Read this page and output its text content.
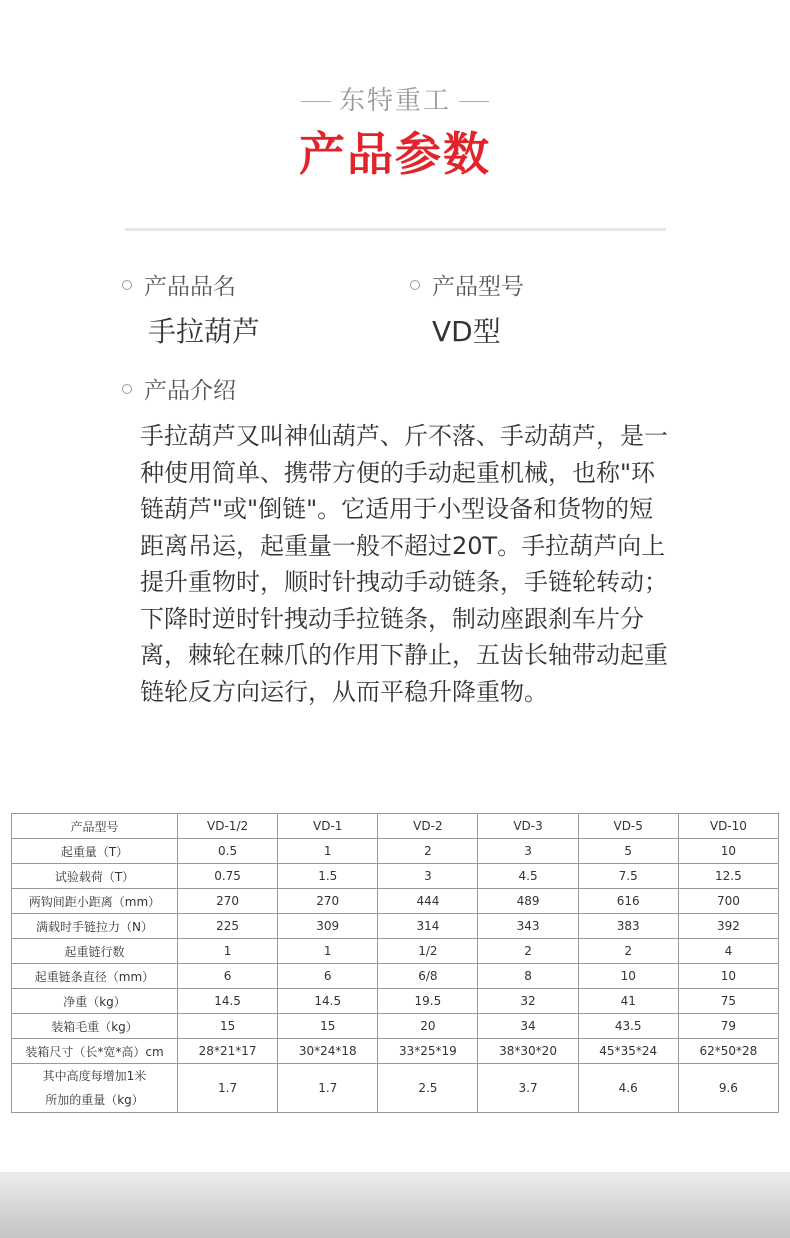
东特重工
产品参数
产品品名
手拉葫芦
产品型号
VD型
产品介绍
手拉葫芦又叫神仙葫芦、斤不落、手动葫芦，是一种使用简单、携带方便的手动起重机械，也称"环链葫芦"或"倒链"。它适用于小型设备和货物的短距离吊运，起重量一般不超过20T。手拉葫芦向上提升重物时，顺时针拽动手动链条，手链轮转动；下降时逆时针拽动手拉链条，制动座跟刹车片分离，棘轮在棘爪的作用下静止，五齿长轴带动起重链轮反方向运行，从而平稳升降重物。
产品型号	VD-1/2	VD-1	VD-2	VD-3	VD-5	VD-10
起重量（T）	0.5	1	2	3	5	10
试验载荷（T）	0.75	1.5	3	4.5	7.5	12.5
两钩间距小距离（mm）	270	270	444	489	616	700
满载时手链拉力（N）	225	309	314	343	383	392
起重链行数	1	1	1/2	2	2	4
起重链条直径（mm）	6	6	6/8	8	10	10
净重（kg）	14.5	14.5	19.5	32	41	75
装箱毛重（kg）	15	15	20	34	43.5	79
装箱尺寸（长*宽*高）cm	28*21*17	30*24*18	33*25*19	38*30*20	45*35*24	62*50*28

其中高度每增加1米
所加的重量（kg）	1.7	1.7	2.5	3.7	4.6	9.6
